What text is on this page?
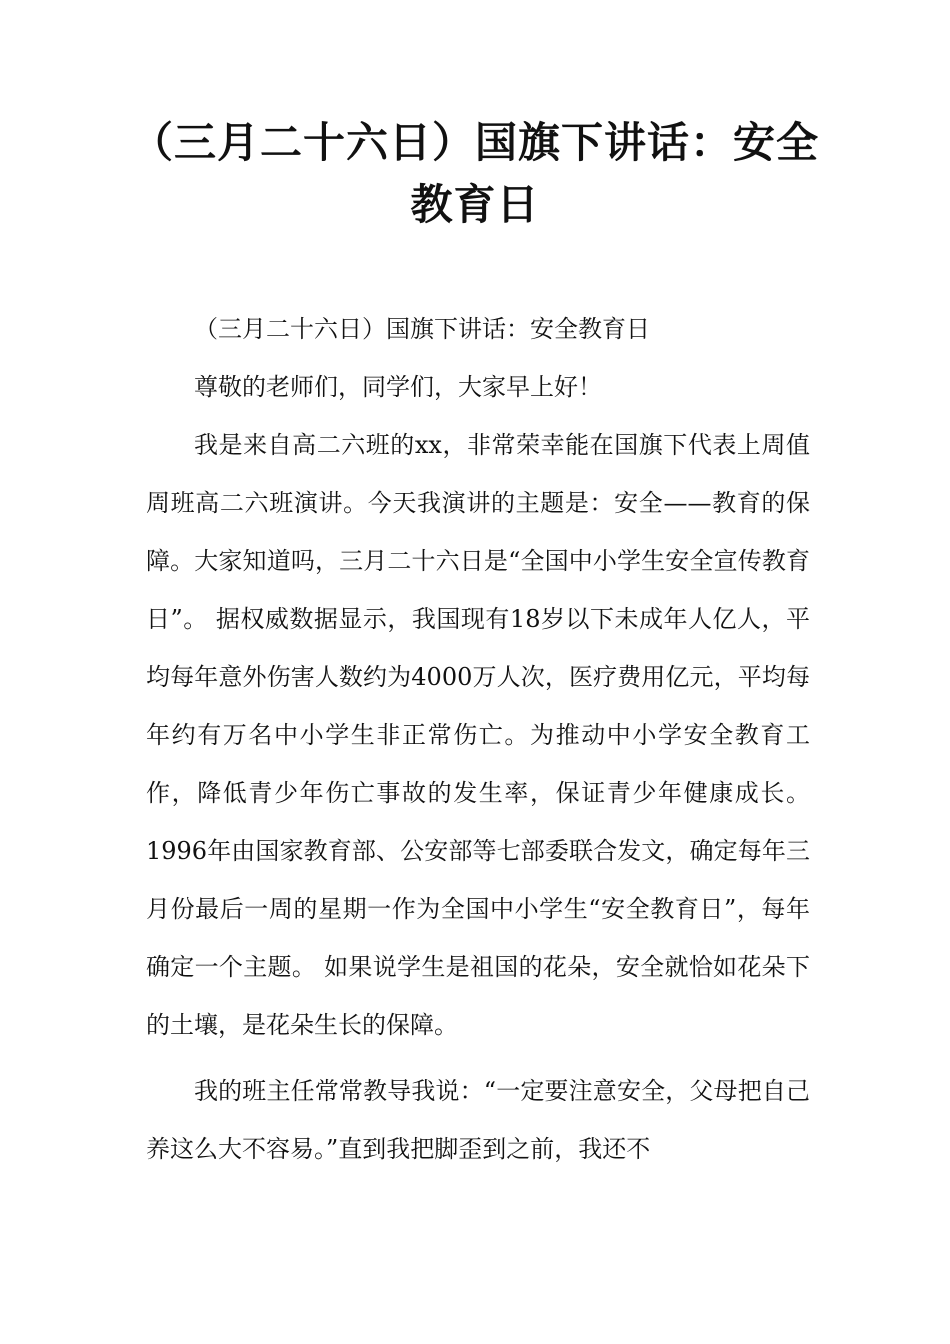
（三月二十六日）国旗下讲话：安全教育日

（三月二十六日）国旗下讲话：安全教育日

尊敬的老师们，同学们，大家早上好！

我是来自高二六班的xx，非常荣幸能在国旗下代表上周值周班高二六班演讲。今天我演讲的主题是：安全——教育的保障。大家知道吗，三月二十六日是“全国中小学生安全宣传教育日”。 据权威数据显示，我国现有18岁以下未成年人亿人，平均每年意外伤害人数约为4000万人次，医疗费用亿元，平均每年约有万名中小学生非正常伤亡。为推动中小学安全教育工作，降低青少年伤亡事故的发生率，保证青少年健康成长。1996年由国家教育部、公安部等七部委联合发文，确定每年三月份最后一周的星期一作为全国中小学生“安全教育日”，每年确定一个主题。 如果说学生是祖国的花朵，安全就恰如花朵下的土壤，是花朵生长的保障。

我的班主任常常教导我说：“一定要注意安全，父母把自己养这么大不容易。”直到我把脚歪到之前，我还不
